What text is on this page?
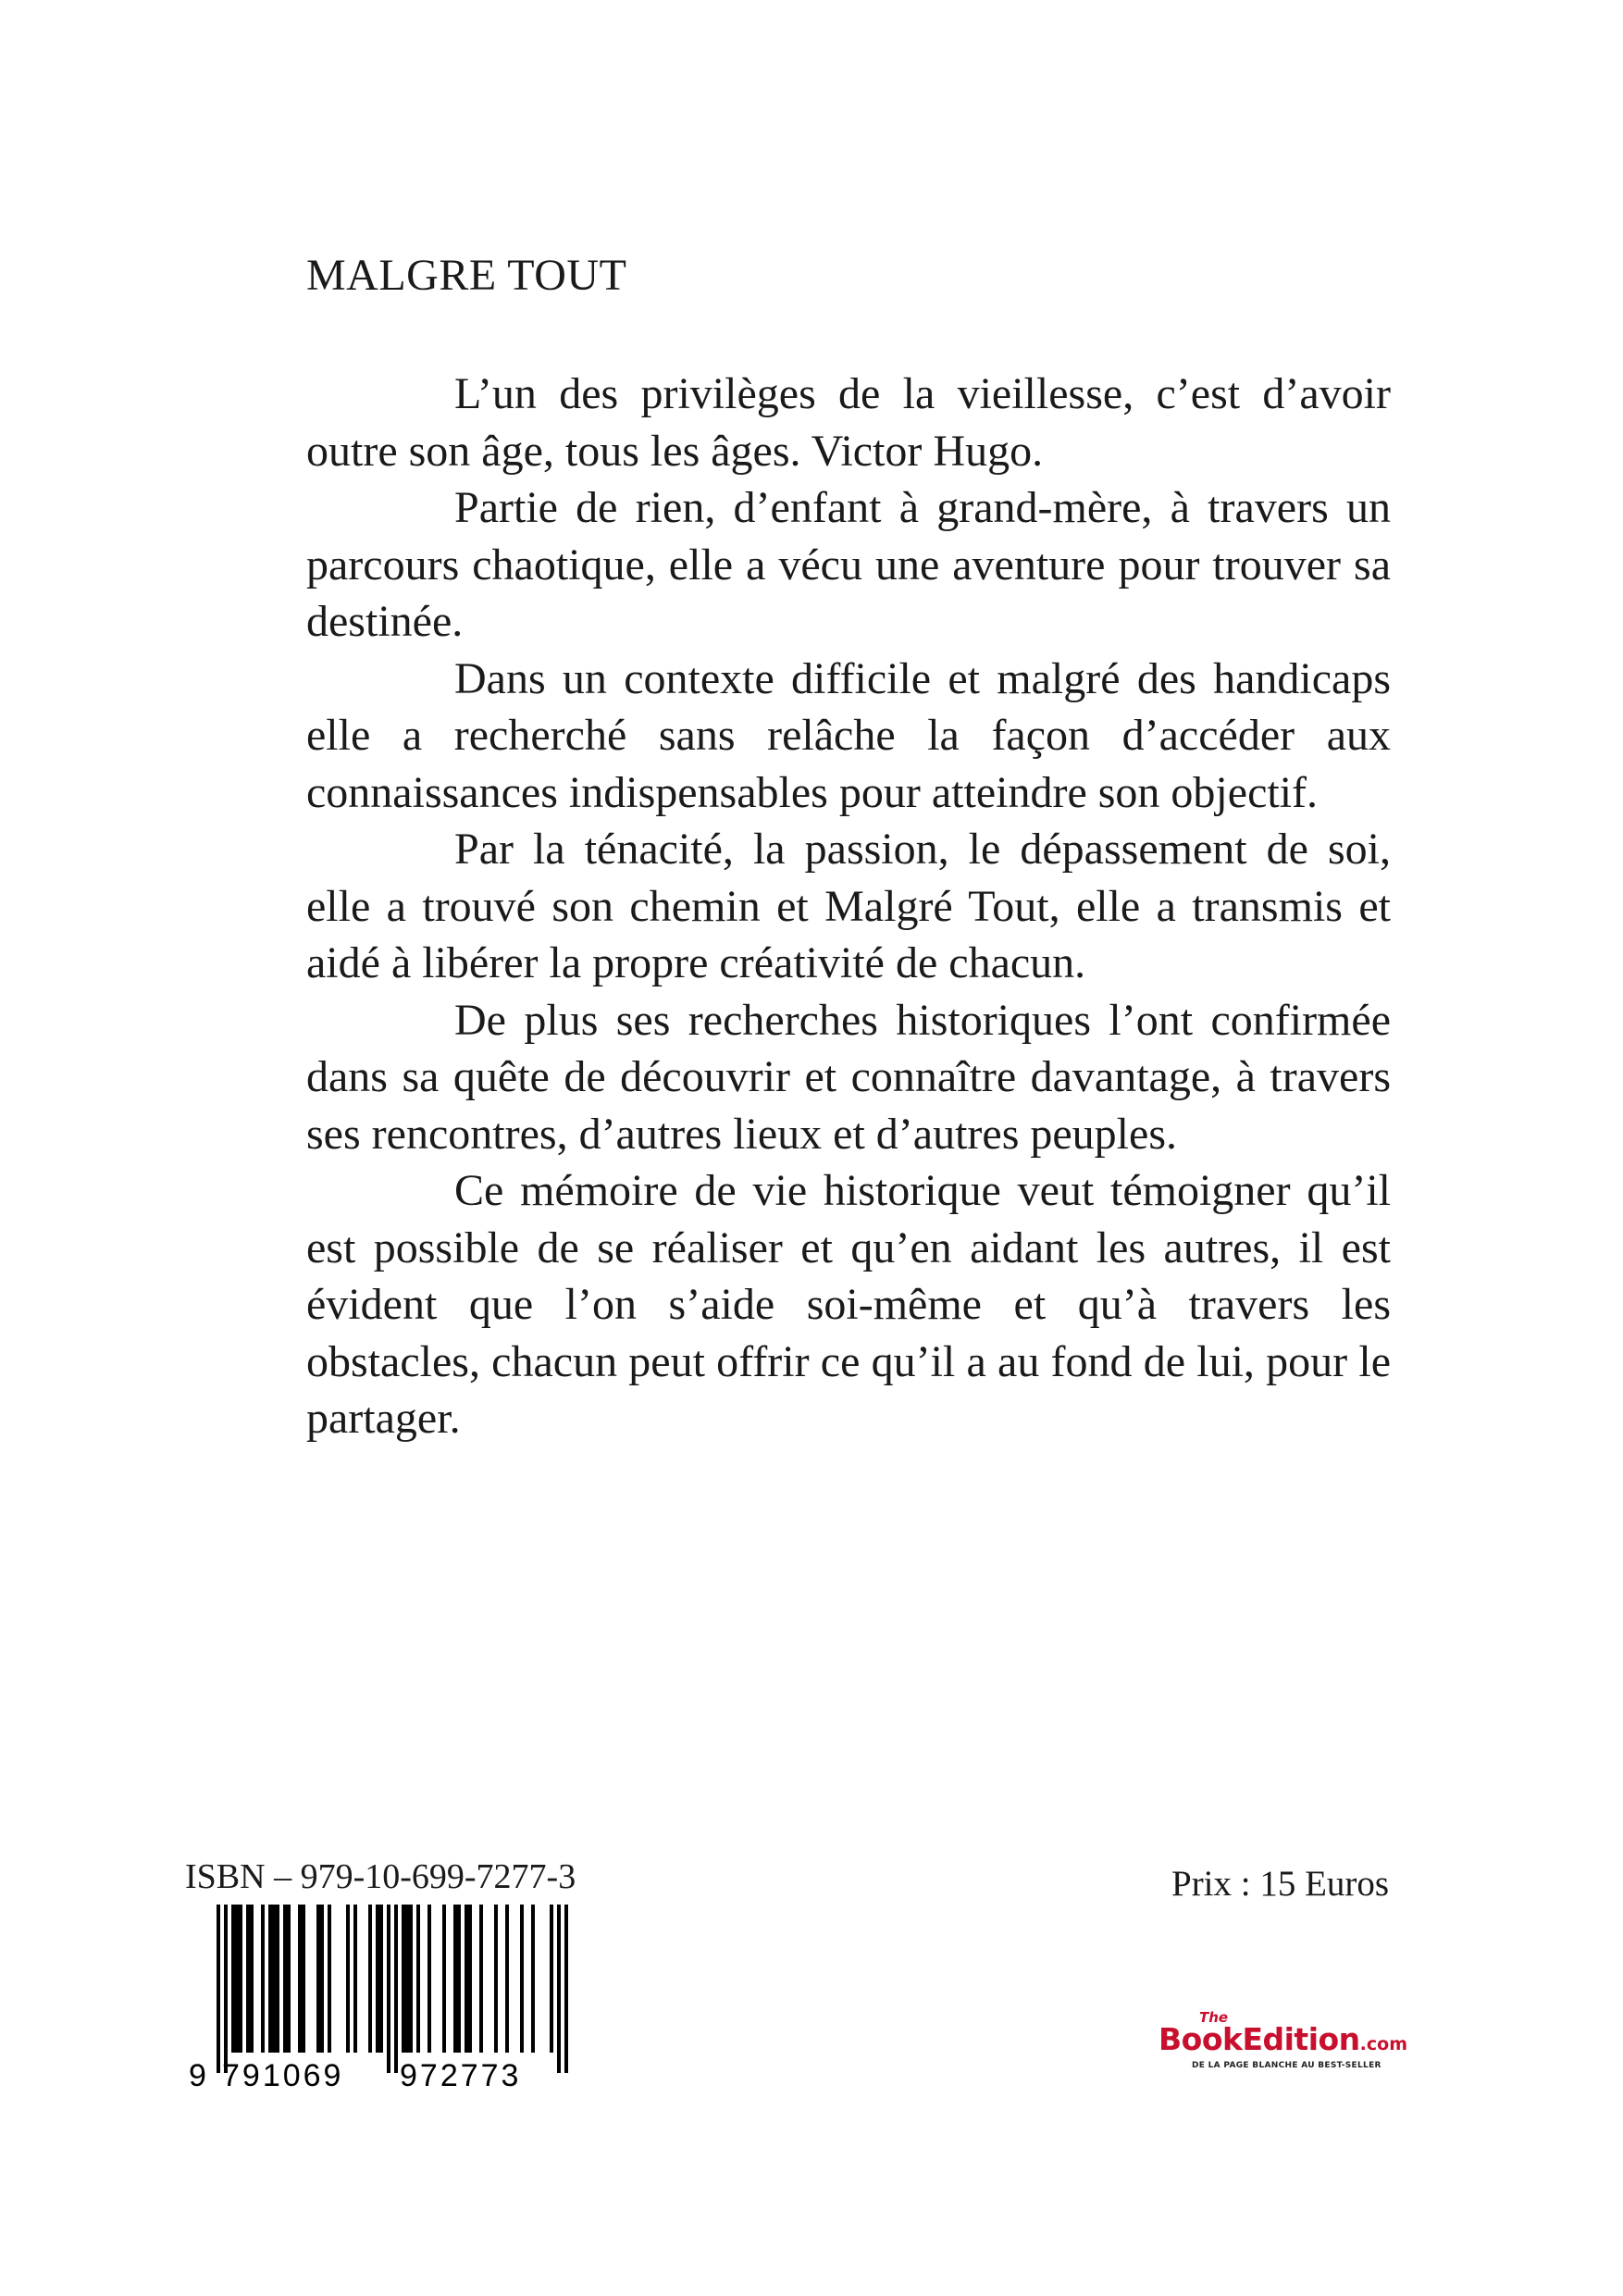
MALGRE TOUT

L’un des privilèges de la vieillesse, c’est d’avoir outre son âge, tous les âges. Victor Hugo.

Partie de rien, d’enfant à grand-mère, à travers un parcours chaotique, elle a vécu une aventure pour trouver sa destinée.

Dans un contexte difficile et malgré des handicaps elle a recherché sans relâche la façon d’accéder aux connaissances indispensables pour atteindre son objectif.

Par la ténacité, la passion, le dépassement de soi, elle a trouvé son chemin et Malgré Tout, elle a transmis et aidé à libérer la propre créativité de chacun.

De plus ses recherches historiques l’ont confirmée dans sa quête de découvrir et connaître davantage, à travers ses rencontres, d’autres lieux et d’autres peuples.

Ce mémoire de vie historique veut témoigner qu’il est possible de se réaliser et qu’en aidant les autres, il est évident que l’on s’aide soi-même et qu’à travers les obstacles, chacun peut offrir ce qu’il a au fond de lui, pour le partager.

ISBN – 979-10-699-7277-3
9 791069 972773
Prix : 15 Euros
The
BookEdition.com
DE LA PAGE BLANCHE AU BEST-SELLER
